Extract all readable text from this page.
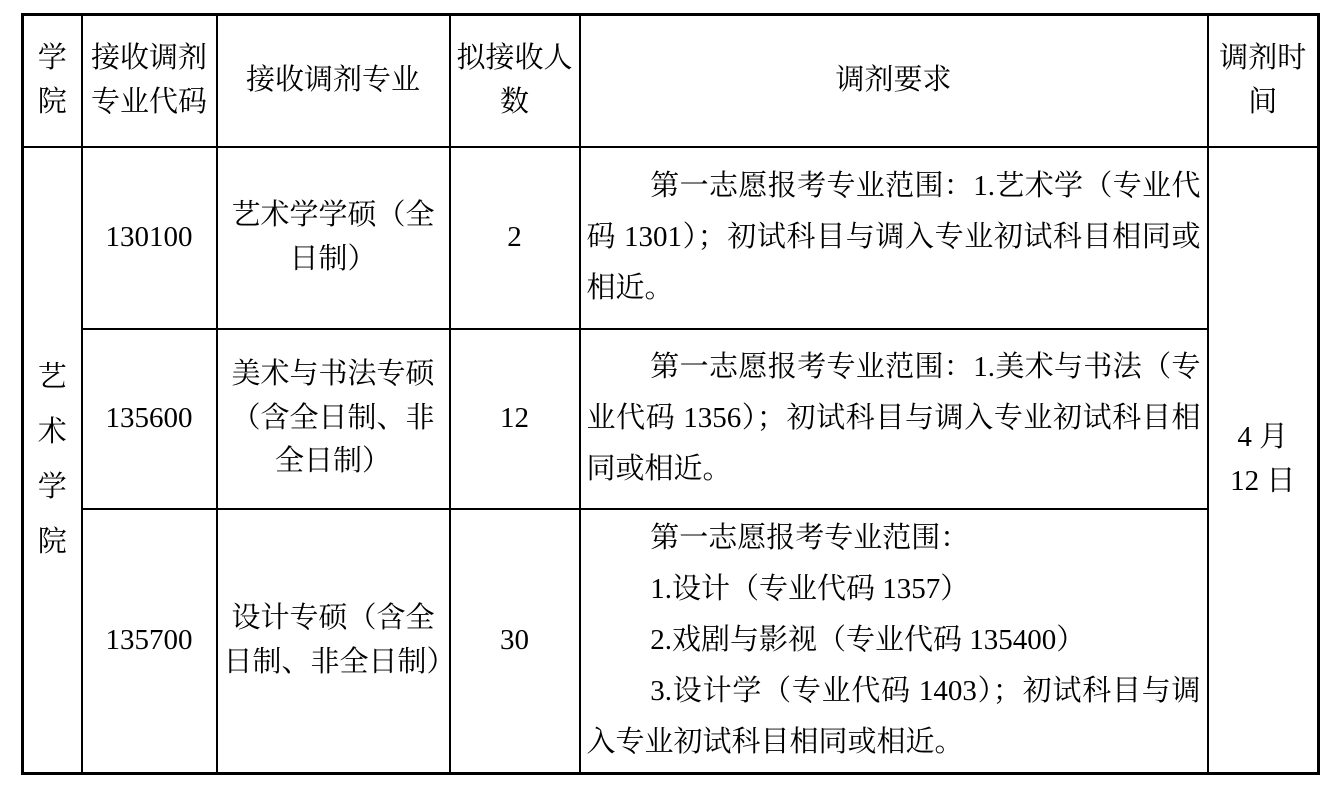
学院	接收调剂专业代码	接收调剂专业	拟接收人数	调剂要求	调剂时间

艺术学院	130100	艺术学学硕（全日制）	2	第一志愿报考专业范围：1.艺术学（专业代码 1301）；初试科目与调入专业初试科目相同或相近。	4 月
12 日

	135600	美术与书法专硕（含全日制、非全日制）	12	第一志愿报考专业范围：1.美术与书法（专业代码 1356）；初试科目与调入专业初试科目相同或相近。	

	135700	设计专硕（含全日制、非全日制）	30	第一志愿报考专业范围：

1.设计（专业代码 1357）

2.戏剧与影视（专业代码 135400）

3.设计学（专业代码 1403）；初试科目与调入专业初试科目相同或相近。	
